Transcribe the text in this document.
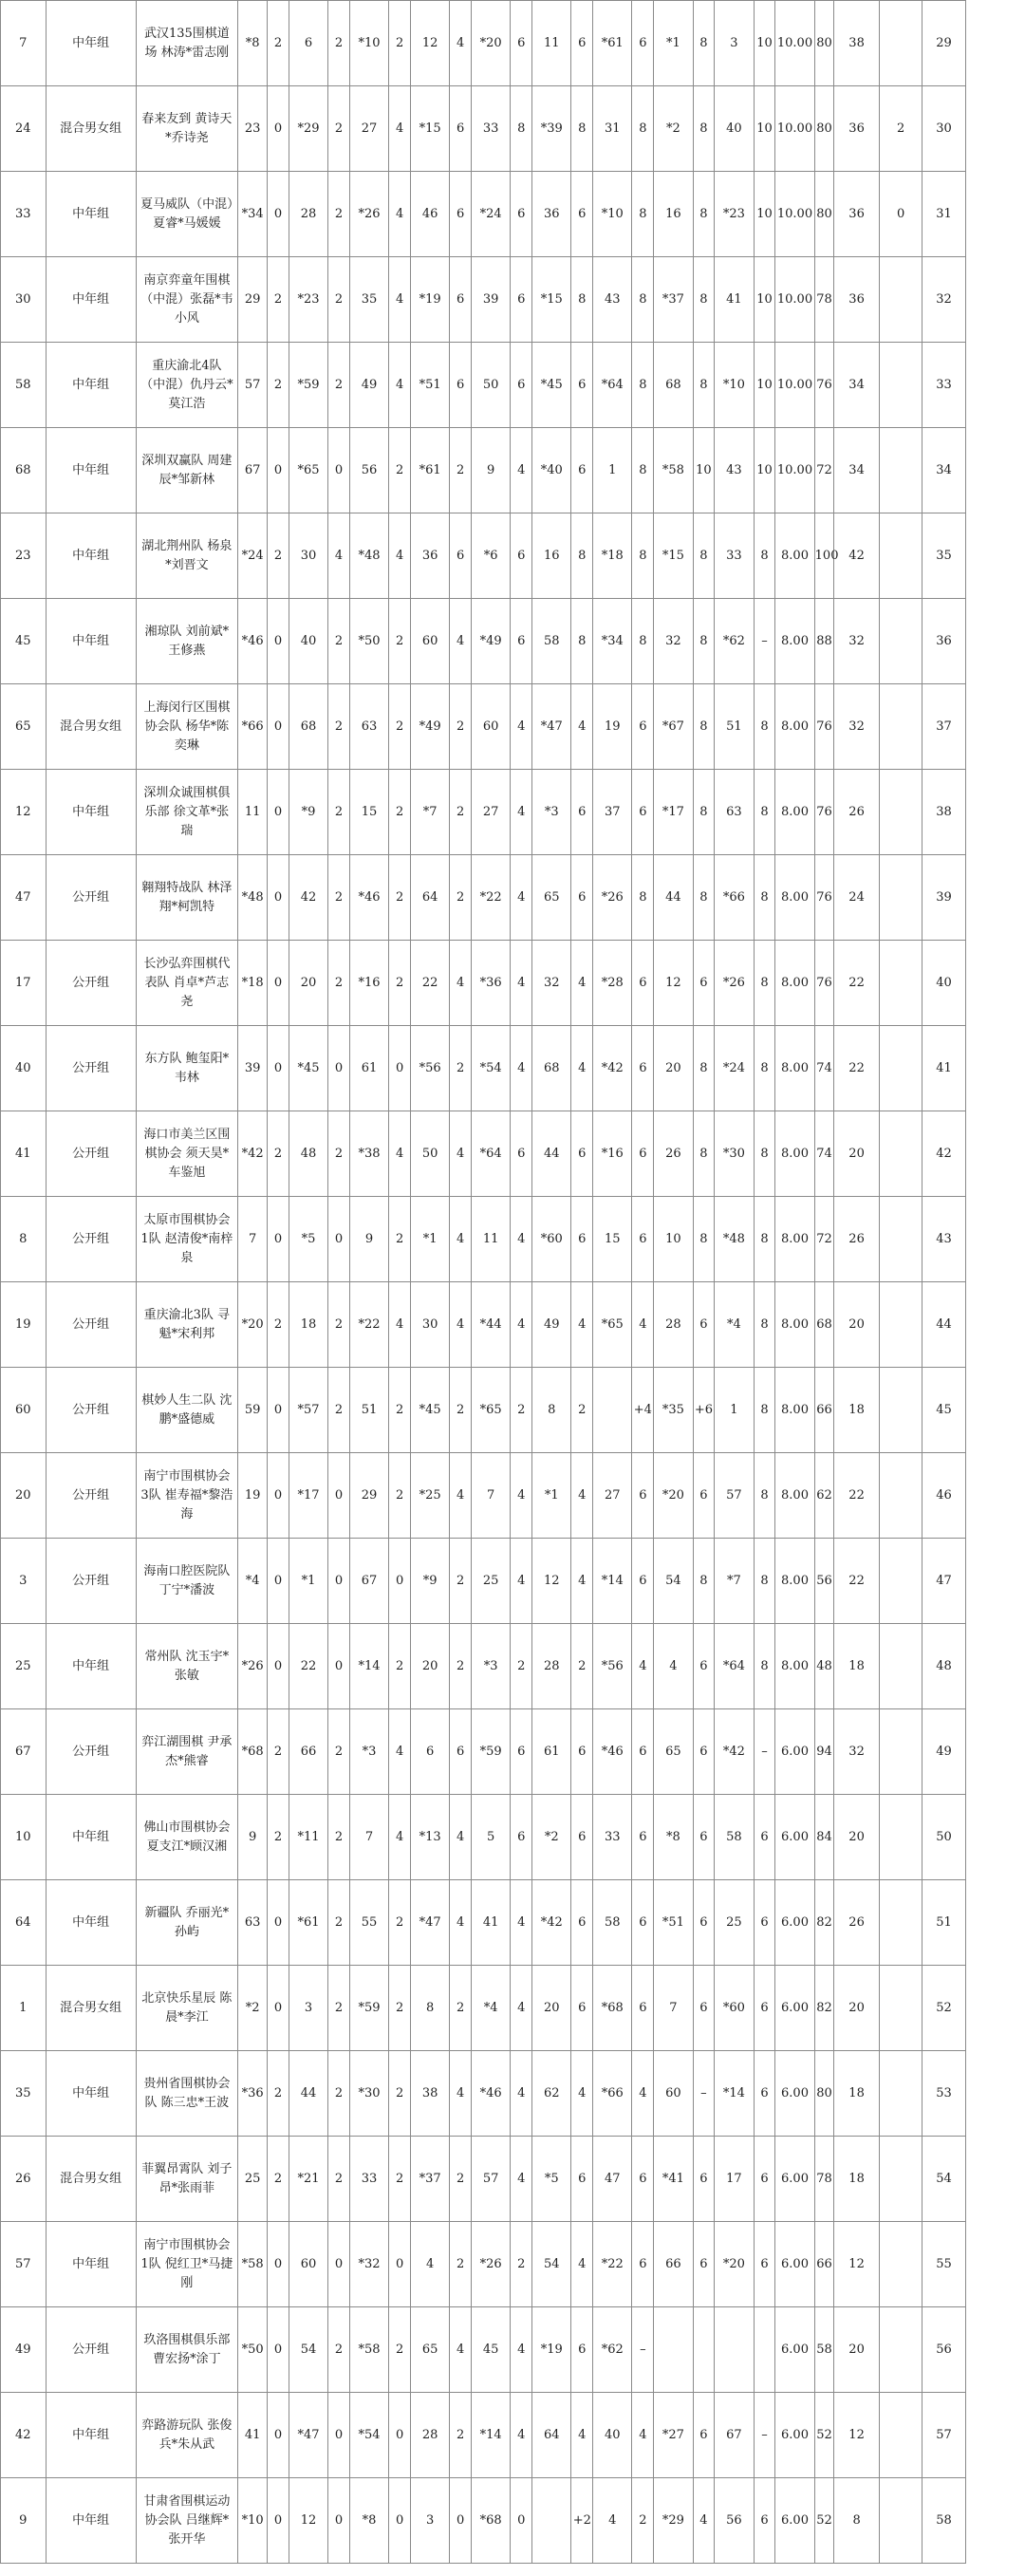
7	中年组	武汉135围棋道场 林涛*雷志刚	*8	2	6	2	*10	2	12	4	*20	6	11	6	*61	6	*1	8	3	10	10.00	80	38		29
24	混合男女组	春来友到 黄诗天*乔诗尧	23	0	*29	2	27	4	*15	6	33	8	*39	8	31	8	*2	8	40	10	10.00	80	36	2	30
33	中年组	夏马威队（中混）夏睿*马媛媛	*34	0	28	2	*26	4	46	6	*24	6	36	6	*10	8	16	8	*23	10	10.00	80	36	0	31
30	中年组	南京弈童年围棋（中混）张磊*韦小风	29	2	*23	2	35	4	*19	6	39	6	*15	8	43	8	*37	8	41	10	10.00	78	36		32
58	中年组	重庆渝北4队（中混）仇丹云*莫江浩	57	2	*59	2	49	4	*51	6	50	6	*45	6	*64	8	68	8	*10	10	10.00	76	34		33
68	中年组	深圳双赢队 周建辰*邹新林	67	0	*65	0	56	2	*61	2	9	4	*40	6	1	8	*58	10	43	10	10.00	72	34		34
23	中年组	湖北荆州队 杨泉*刘晋文	*24	2	30	4	*48	4	36	6	*6	6	16	8	*18	8	*15	8	33	8	8.00	100	42		35
45	中年组	湘琼队 刘前斌*王修燕	*46	0	40	2	*50	2	60	4	*49	6	58	8	*34	8	32	8	*62	–	8.00	88	32		36
65	混合男女组	上海闵行区围棋协会队 杨华*陈奕琳	*66	0	68	2	63	2	*49	2	60	4	*47	4	19	6	*67	8	51	8	8.00	76	32		37
12	中年组	深圳众诚围棋俱乐部 徐文革*张瑞	11	0	*9	2	15	2	*7	2	27	4	*3	6	37	6	*17	8	63	8	8.00	76	26		38
47	公开组	翱翔特战队 林泽翔*柯凯特	*48	0	42	2	*46	2	64	2	*22	4	65	6	*26	8	44	8	*66	8	8.00	76	24		39
17	公开组	长沙弘弈围棋代表队 肖卓*芦志尧	*18	0	20	2	*16	2	22	4	*36	4	32	4	*28	6	12	6	*26	8	8.00	76	22		40
40	公开组	东方队 鲍玺阳*韦林	39	0	*45	0	61	0	*56	2	*54	4	68	4	*42	6	20	8	*24	8	8.00	74	22		41
41	公开组	海口市美兰区围棋协会 须天昊*车鉴旭	*42	2	48	2	*38	4	50	4	*64	6	44	6	*16	6	26	8	*30	8	8.00	74	20		42
8	公开组	太原市围棋协会1队 赵清俊*南梓泉	7	0	*5	0	9	2	*1	4	11	4	*60	6	15	6	10	8	*48	8	8.00	72	26		43
19	公开组	重庆渝北3队 寻魁*宋利邦	*20	2	18	2	*22	4	30	4	*44	4	49	4	*65	4	28	6	*4	8	8.00	68	20		44
60	公开组	棋妙人生二队 沈鹏*盛德威	59	0	*57	2	51	2	*45	2	*65	2	8	2		+4	*35	+6	1	8	8.00	66	18		45
20	公开组	南宁市围棋协会3队 崔寿福*黎浩海	19	0	*17	0	29	2	*25	4	7	4	*1	4	27	6	*20	6	57	8	8.00	62	22		46
3	公开组	海南口腔医院队 丁宁*潘波	*4	0	*1	0	67	0	*9	2	25	4	12	4	*14	6	54	8	*7	8	8.00	56	22		47
25	中年组	常州队 沈玉宇*张敏	*26	0	22	0	*14	2	20	2	*3	2	28	2	*56	4	4	6	*64	8	8.00	48	18		48
67	公开组	弈江湖围棋 尹承杰*熊睿	*68	2	66	2	*3	4	6	6	*59	6	61	6	*46	6	65	6	*42	–	6.00	94	32		49
10	中年组	佛山市围棋协会 夏支江*顾汉湘	9	2	*11	2	7	4	*13	4	5	6	*2	6	33	6	*8	6	58	6	6.00	84	20		50
64	中年组	新疆队 乔丽光*孙屿	63	0	*61	2	55	2	*47	4	41	4	*42	6	58	6	*51	6	25	6	6.00	82	26		51
1	混合男女组	北京快乐星辰 陈晨*李江	*2	0	3	2	*59	2	8	2	*4	4	20	6	*68	6	7	6	*60	6	6.00	82	20		52
35	中年组	贵州省围棋协会队 陈三忠*王波	*36	2	44	2	*30	2	38	4	*46	4	62	4	*66	4	60	–	*14	6	6.00	80	18		53
26	混合男女组	菲翼昂霄队 刘子昂*张雨菲	25	2	*21	2	33	2	*37	2	57	4	*5	6	47	6	*41	6	17	6	6.00	78	18		54
57	中年组	南宁市围棋协会1队 倪红卫*马捷刚	*58	0	60	0	*32	0	4	2	*26	2	54	4	*22	6	66	6	*20	6	6.00	66	12		55
49	公开组	玖洛围棋俱乐部 曹宏扬*涂丁	*50	0	54	2	*58	2	65	4	45	4	*19	6	*62	–					6.00	58	20		56
42	中年组	弈路游玩队 张俊兵*朱从武	41	0	*47	0	*54	0	28	2	*14	4	64	4	40	4	*27	6	67	–	6.00	52	12		57
9	中年组	甘肃省围棋运动协会队 吕继辉*张开华	*10	0	12	0	*8	0	3	0	*68	0		+2	4	2	*29	4	56	6	6.00	52	8		58
